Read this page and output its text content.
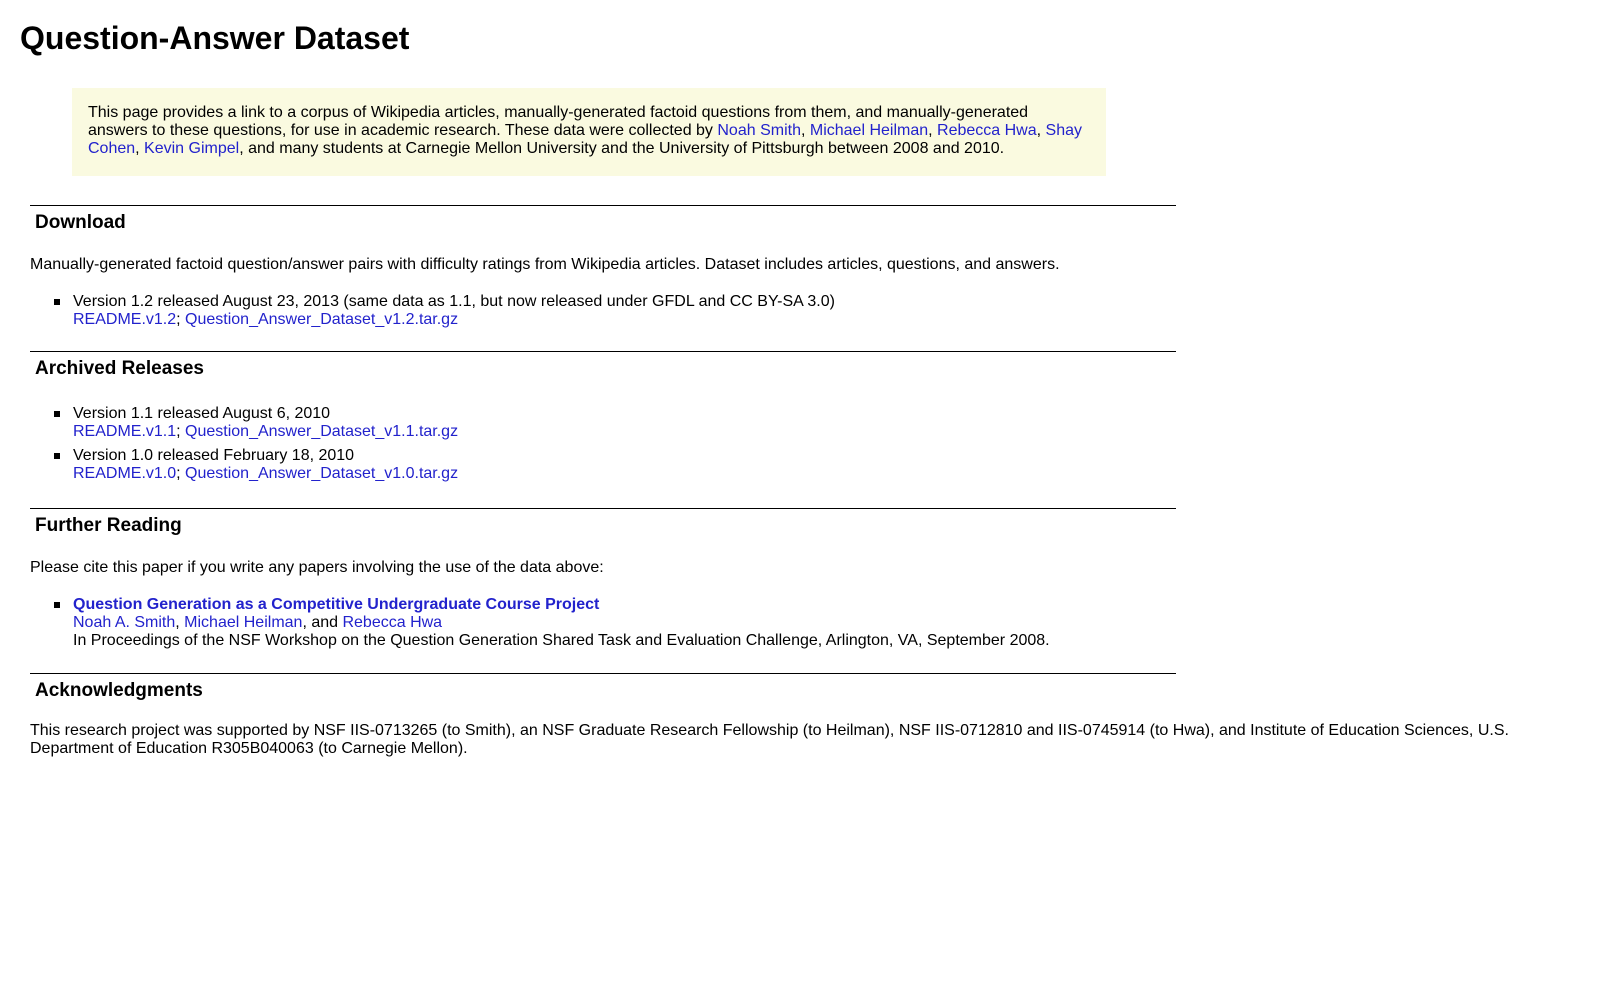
Question-Answer Dataset

This page provides a link to a corpus of Wikipedia articles, manually-generated factoid questions from them, and manually-generated answers to these questions, for use in academic research. These data were collected by Noah Smith, Michael Heilman, Rebecca Hwa, Shay Cohen, Kevin Gimpel, and many students at Carnegie Mellon University and the University of Pittsburgh between 2008 and 2010.

Download

Manually-generated factoid question/answer pairs with difficulty ratings from Wikipedia articles. Dataset includes articles, questions, and answers.

Version 1.2 released August 23, 2013 (same data as 1.1, but now released under GFDL and CC BY-SA 3.0)
README.v1.2; Question_Answer_Dataset_v1.2.tar.gz
Archived Releases
Version 1.1 released August 6, 2010
README.v1.1; Question_Answer_Dataset_v1.1.tar.gz
Version 1.0 released February 18, 2010
README.v1.0; Question_Answer_Dataset_v1.0.tar.gz
Further Reading

Please cite this paper if you write any papers involving the use of the data above:

Question Generation as a Competitive Undergraduate Course Project
Noah A. Smith, Michael Heilman, and Rebecca Hwa
In Proceedings of the NSF Workshop on the Question Generation Shared Task and Evaluation Challenge, Arlington, VA, September 2008.
Acknowledgments

This research project was supported by NSF IIS-0713265 (to Smith), an NSF Graduate Research Fellowship (to Heilman), NSF IIS-0712810 and IIS-0745914 (to Hwa), and Institute of Education Sciences, U.S. Department of Education R305B040063 (to Carnegie Mellon).
